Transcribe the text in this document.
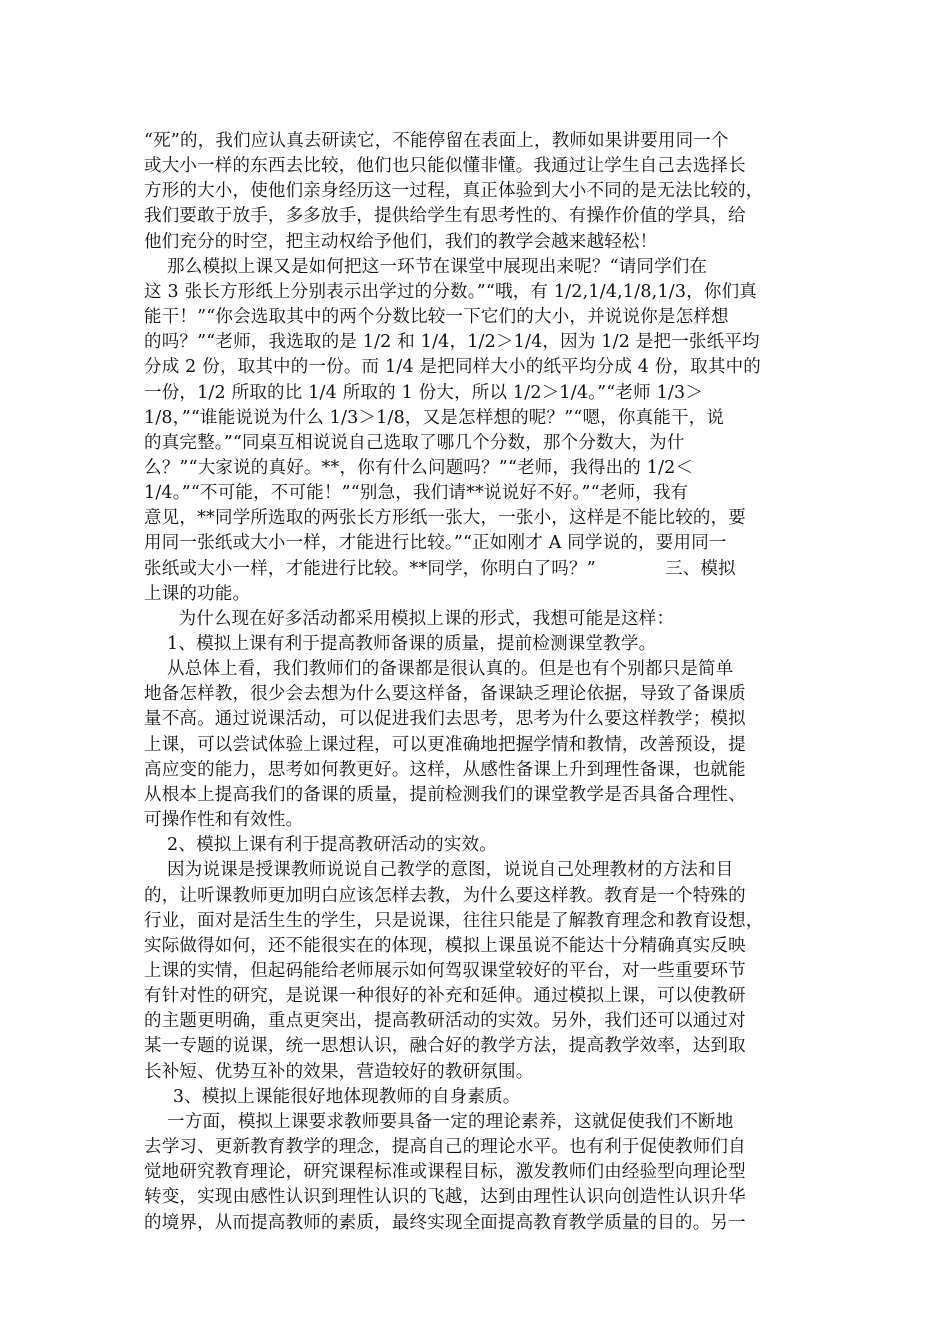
“死”的，我们应认真去研读它，不能停留在表面上，教师如果讲要用同一个
或大小一样的东西去比较，他们也只能似懂非懂。我通过让学生自己去选择长
方形的大小，使他们亲身经历这一过程，真正体验到大小不同的是无法比较的，
我们要敢于放手，多多放手，提供给学生有思考性的、有操作价值的学具，给
他们充分的时空，把主动权给予他们，我们的教学会越来越轻松！
那么模拟上课又是如何把这一环节在课堂中展现出来呢？“请同学们在
这 3 张长方形纸上分别表示出学过的分数。”“哦，有 1/2,1/4,1/8,1/3，你们真
能干！”“你会选取其中的两个分数比较一下它们的大小，并说说你是怎样想
的吗？”“老师，我选取的是 1/2 和 1/4，1/2＞1/4，因为 1/2 是把一张纸平均
分成 2 份，取其中的一份。而 1/4 是把同样大小的纸平均分成 4 份，取其中的
一份，1/2 所取的比 1/4 所取的 1 份大，所以 1/2＞1/4。”“老师 1/3＞
1/8，”“谁能说说为什么 1/3＞1/8，又是怎样想的呢？”“嗯，你真能干，说
的真完整。”“同桌互相说说自己选取了哪几个分数，那个分数大，为什
么？”“大家说的真好。**，你有什么问题吗？”“老师，我得出的 1/2＜
1/4。”“不可能，不可能！”“别急，我们请**说说好不好。”“老师，我有
意见，**同学所选取的两张长方形纸一张大，一张小，这样是不能比较的，要
用同一张纸或大小一样，才能进行比较。”“正如刚才 A 同学说的，要用同一
张纸或大小一样，才能进行比较。**同学，你明白了吗？”            三、模拟
上课的功能。
为什么现在好多活动都采用模拟上课的形式，我想可能是这样：
1、模拟上课有利于提高教师备课的质量，提前检测课堂教学。
从总体上看，我们教师们的备课都是很认真的。但是也有个别都只是简单
地备怎样教，很少会去想为什么要这样备，备课缺乏理论依据，导致了备课质
量不高。通过说课活动，可以促进我们去思考，思考为什么要这样教学；模拟
上课，可以尝试体验上课过程，可以更准确地把握学情和教情，改善预设，提
高应变的能力，思考如何教更好。这样，从感性备课上升到理性备课，也就能
从根本上提高我们的备课的质量，提前检测我们的课堂教学是否具备合理性、
可操作性和有效性。
2、模拟上课有利于提高教研活动的实效。
因为说课是授课教师说说自己教学的意图，说说自己处理教材的方法和目
的，让听课教师更加明白应该怎样去教，为什么要这样教。教育是一个特殊的
行业，面对是活生生的学生，只是说课，往往只能是了解教育理念和教育设想，
实际做得如何，还不能很实在的体现，模拟上课虽说不能达十分精确真实反映
上课的实情，但起码能给老师展示如何驾驭课堂较好的平台，对一些重要环节
有针对性的研究，是说课一种很好的补充和延伸。通过模拟上课，可以使教研
的主题更明确，重点更突出，提高教研活动的实效。另外，我们还可以通过对
某一专题的说课，统一思想认识，融合好的教学方法，提高教学效率，达到取
长补短、优势互补的效果，营造较好的教研氛围。
3、模拟上课能很好地体现教师的自身素质。
一方面，模拟上课要求教师要具备一定的理论素养，这就促使我们不断地
去学习、更新教育教学的理念，提高自己的理论水平。也有利于促使教师们自
觉地研究教育理论，研究课程标准或课程目标，激发教师们由经验型向理论型
转变，实现由感性认识到理性认识的飞越，达到由理性认识向创造性认识升华
的境界，从而提高教师的素质，最终实现全面提高教育教学质量的目的。另一
